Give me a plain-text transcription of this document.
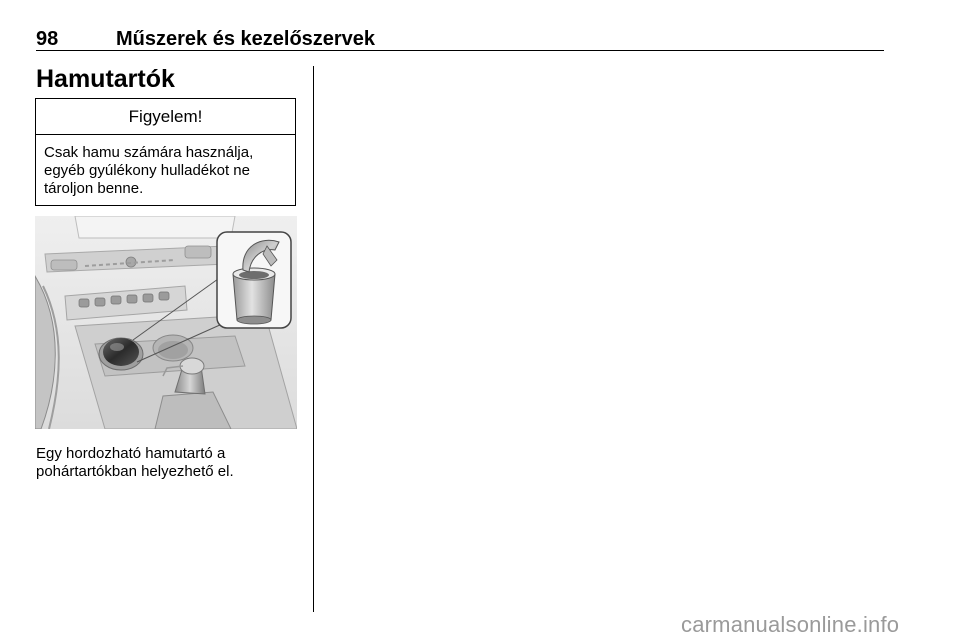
98	Műszerek és kezelőszervek
Hamutartók
Figyelem!
Csak hamu számára használja, egyéb gyúlékony hulladékot ne tároljon benne.
Egy hordozható hamutartó a pohártartókban helyezhető el.
carmanualsonline.info
